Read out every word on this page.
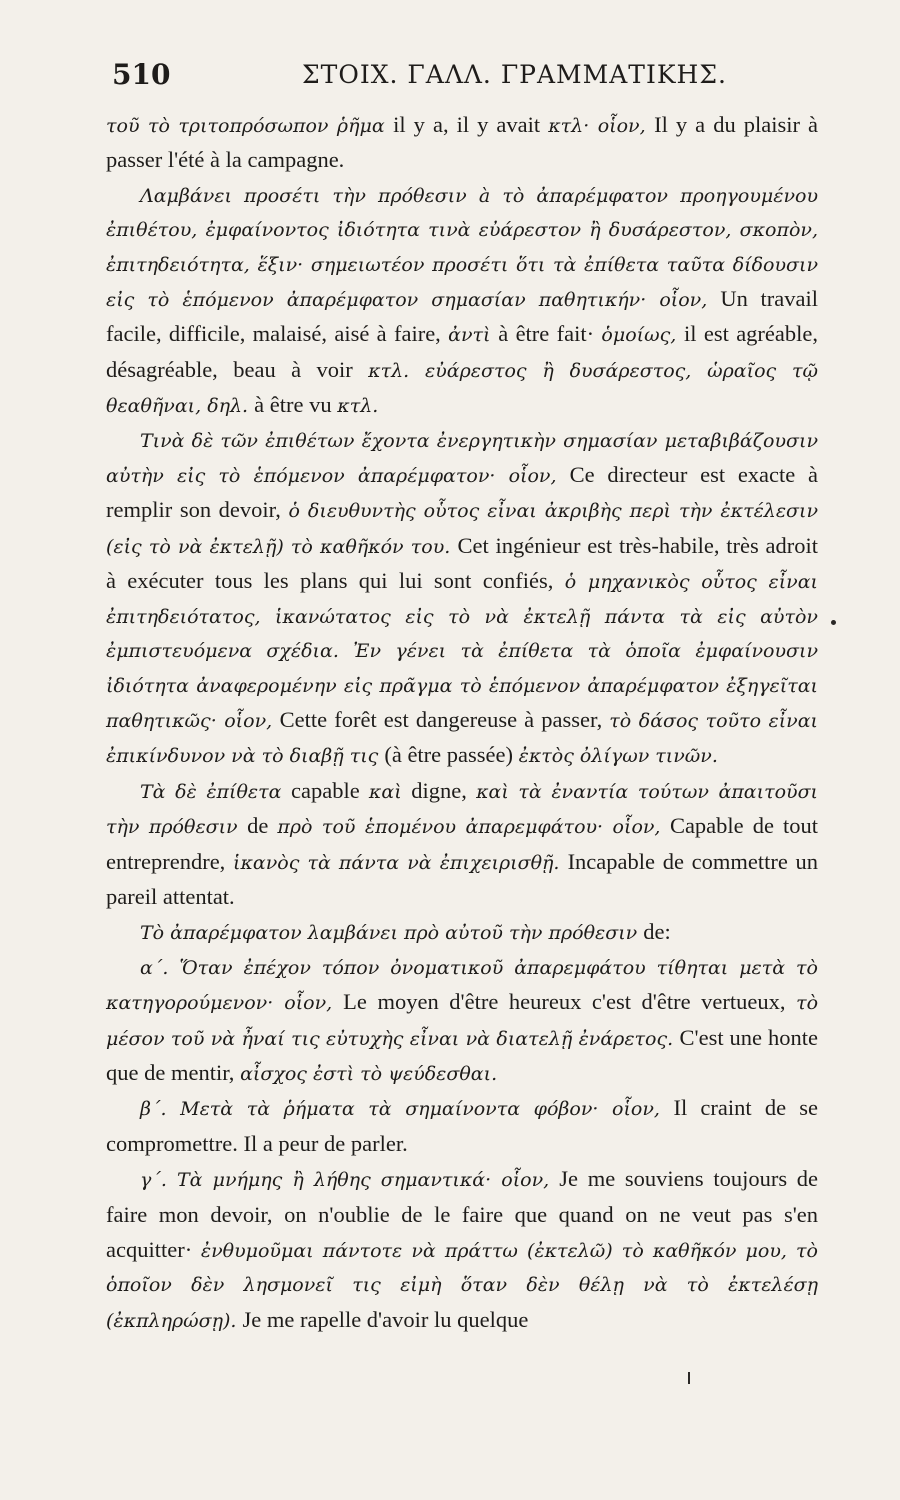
510	ΣΤΟΙΧ. ΓΑΛΛ. ΓΡΑΜΜΑΤΙΚΗΣ.

τοῦ τὸ τριτοπρόσωπον ῥῆμα il y a, il y avait κτλ· οἷον, Il y a du plaisir à passer l'été à la campagne.

Λαμβάνει προσέτι τὴν πρόθεσιν à τὸ ἀπαρέμφατον προηγουμένου ἐπιθέτου, ἐμφαίνοντος ἰδιότητα τινὰ εὐάρεστον ἢ δυσάρεστον, σκοπὸν, ἐπιτηδειότητα, ἕξιν· σημειωτέον προσέτι ὅτι τὰ ἐπίθετα ταῦτα δίδουσιν εἰς τὸ ἑπόμενον ἀπαρέμφατον σημασίαν παθητικήν· οἷον, Un travail facile, difficile, malaisé, aisé à faire, ἀντὶ à être fait· ὁμοίως, il est agréable, désagréable, beau à voir κτλ. εὐάρεστος ἢ δυσάρεστος, ὡραῖος τῷ θεαθῆναι, δηλ. à être vu κτλ.

Τινὰ δὲ τῶν ἐπιθέτων ἔχοντα ἐνεργητικὴν σημασίαν μεταβιβάζουσιν αὐτὴν εἰς τὸ ἑπόμενον ἀπαρέμφατον· οἷον, Ce directeur est exacte à remplir son devoir, ὁ διευθυντὴς οὗτος εἶναι ἀκριβὴς περὶ τὴν ἐκτέλεσιν (εἰς τὸ νὰ ἐκτελῇ) τὸ καθῆκόν του. Cet ingénieur est très-habile, très adroit à exécuter tous les plans qui lui sont confiés, ὁ μηχανικὸς οὗτος εἶναι ἐπιτηδειότατος, ἱκανώτατος εἰς τὸ νὰ ἐκτελῇ πάντα τὰ εἰς αὐτὸν ἐμπιστευόμενα σχέδια. Ἐν γένει τὰ ἐπίθετα τὰ ὁποῖα ἐμφαίνουσιν ἰδιότητα ἀναφερομένην εἰς πρᾶγμα τὸ ἑπόμενον ἀπαρέμφατον ἐξηγεῖται παθητικῶς· οἷον, Cette forêt est dangereuse à passer, τὸ δάσος τοῦτο εἶναι ἐπικίνδυνον νὰ τὸ διαβῇ τις (à être passée) ἐκτὸς ὀλίγων τινῶν.

Τὰ δὲ ἐπίθετα capable καὶ digne, καὶ τὰ ἐναντία τούτων ἀπαιτοῦσι τὴν πρόθεσιν de πρὸ τοῦ ἑπομένου ἀπαρεμφάτου· οἷον, Capable de tout entreprendre, ἱκανὸς τὰ πάντα νὰ ἐπιχειρισθῇ. Incapable de commettre un pareil attentat.

Τὸ ἀπαρέμφατον λαμβάνει πρὸ αὐτοῦ τὴν πρόθεσιν de:

α΄. Ὅταν ἐπέχον τόπον ὀνοματικοῦ ἀπαρεμφάτου τίθηται μετὰ τὸ κατηγορούμενον· οἷον, Le moyen d'être heureux c'est d'être vertueux, τὸ μέσον τοῦ νὰ ἦναί τις εὐτυχὴς εἶναι νὰ διατελῇ ἐνάρετος. C'est une honte que de mentir, αἶσχος ἐστὶ τὸ ψεύδεσθαι.

β΄. Μετὰ τὰ ῥήματα τὰ σημαίνοντα φόβον· οἷον, Il craint de se compromettre. Il a peur de parler.

γ΄. Τὰ μνήμης ἢ λήθης σημαντικά· οἷον, Je me souviens toujours de faire mon devoir, on n'oublie de le faire que quand on ne veut pas s'en acquitter· ἐνθυμοῦμαι πάντοτε νὰ πράττω (ἐκτελῶ) τὸ καθῆκόν μου, τὸ ὁποῖον δὲν λησμονεῖ τις εἰμὴ ὅταν δὲν θέλῃ νὰ τὸ ἐκτελέσῃ (ἐκπληρώσῃ). Je me rapelle d'avoir lu quelque
